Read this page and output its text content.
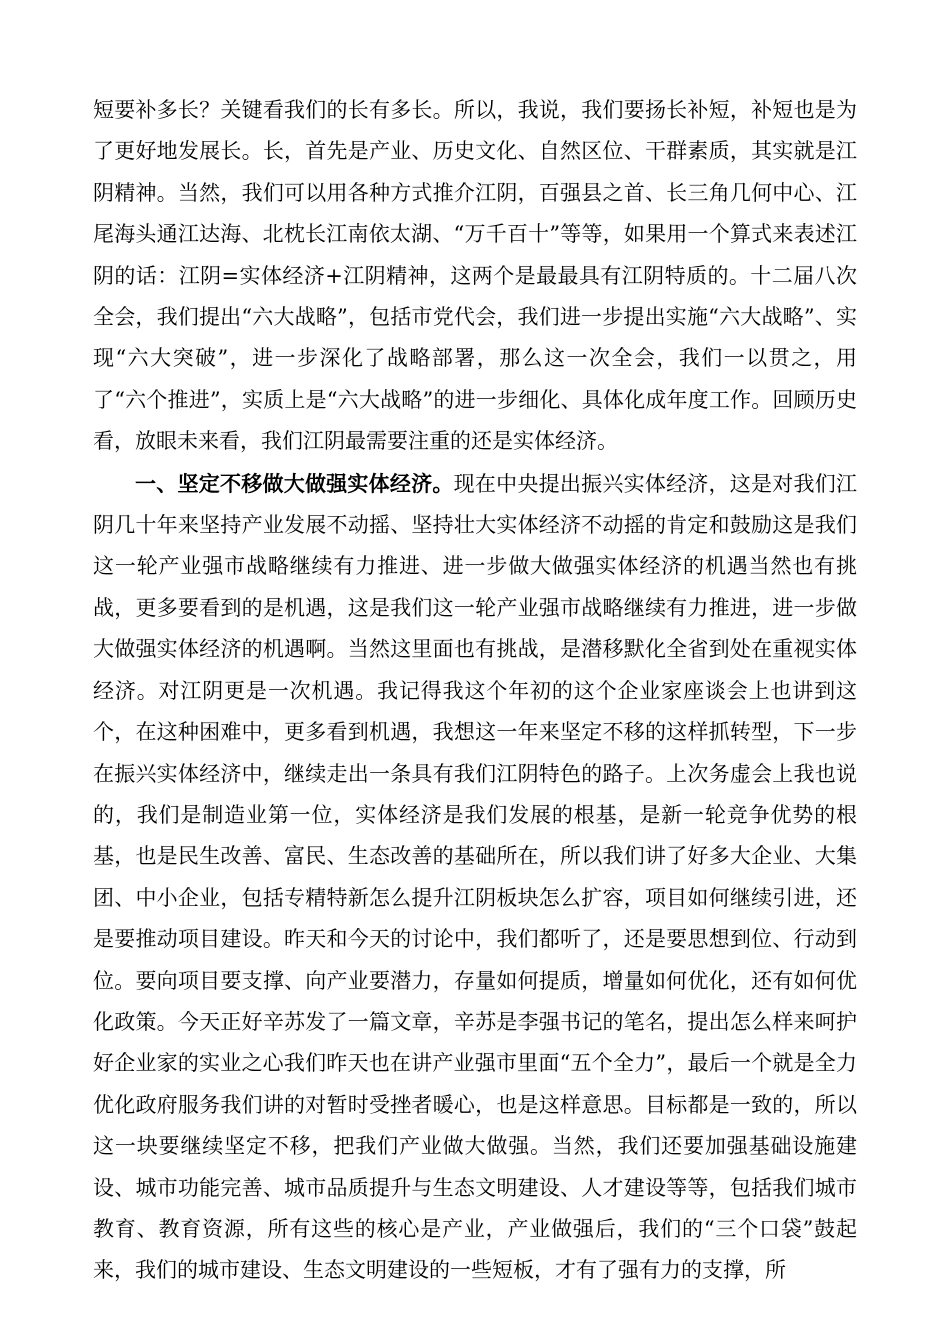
短要补多长？关键看我们的长有多长。所以，我说，我们要扬长补短，补短也是为了更好地发展长。长，首先是产业、历史文化、自然区位、干群素质，其实就是江阴精神。当然，我们可以用各种方式推介江阴，百强县之首、长三角几何中心、江尾海头通江达海、北枕长江南依太湖、“万千百十”等等，如果用一个算式来表述江阴的话：江阴=实体经济+江阴精神，这两个是最最具有江阴特质的。十二届八次全会，我们提出“六大战略”，包括市党代会，我们进一步提出实施“六大战略”、实现“六大突破”，进一步深化了战略部署，那么这一次全会，我们一以贯之，用了“六个推进”，实质上是“六大战略”的进一步细化、具体化成年度工作。回顾历史看，放眼未来看，我们江阴最需要注重的还是实体经济。

一、坚定不移做大做强实体经济。现在中央提出振兴实体经济，这是对我们江阴几十年来坚持产业发展不动摇、坚持壮大实体经济不动摇的肯定和鼓励这是我们这一轮产业强市战略继续有力推进、进一步做大做强实体经济的机遇当然也有挑战，更多要看到的是机遇，这是我们这一轮产业强市战略继续有力推进，进一步做大做强实体经济的机遇啊。当然这里面也有挑战，是潜移默化全省到处在重视实体经济。对江阴更是一次机遇。我记得我这个年初的这个企业家座谈会上也讲到这个，在这种困难中，更多看到机遇，我想这一年来坚定不移的这样抓转型，下一步在振兴实体经济中，继续走出一条具有我们江阴特色的路子。上次务虚会上我也说的，我们是制造业第一位，实体经济是我们发展的根基，是新一轮竞争优势的根基，也是民生改善、富民、生态改善的基础所在，所以我们讲了好多大企业、大集团、中小企业，包括专精特新怎么提升江阴板块怎么扩容，项目如何继续引进，还是要推动项目建设。昨天和今天的讨论中，我们都听了，还是要思想到位、行动到位。要向项目要支撑、向产业要潜力，存量如何提质，增量如何优化，还有如何优化政策。今天正好辛苏发了一篇文章，辛苏是李强书记的笔名，提出怎么样来呵护好企业家的实业之心我们昨天也在讲产业强市里面“五个全力”，最后一个就是全力优化政府服务我们讲的对暂时受挫者暖心，也是这样意思。目标都是一致的，所以这一块要继续坚定不移，把我们产业做大做强。当然，我们还要加强基础设施建设、城市功能完善、城市品质提升与生态文明建设、人才建设等等，包括我们城市教育、教育资源，所有这些的核心是产业，产业做强后，我们的“三个口袋”鼓起来，我们的城市建设、生态文明建设的一些短板，才有了强有力的支撑，所
